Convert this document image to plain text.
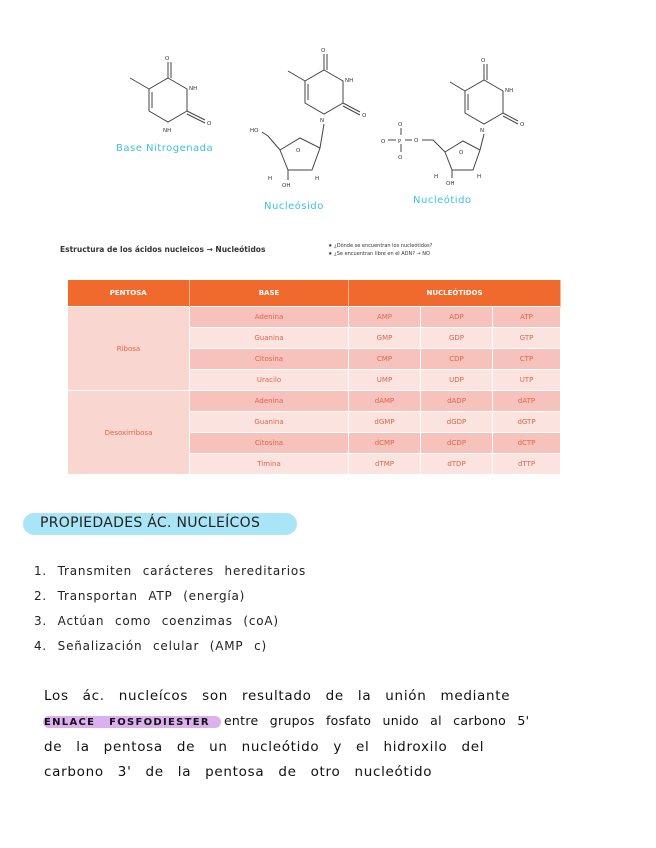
O
O
NH
NH
O
O
NH
N
O
HO
OH
H	H
O
O
NH
N
O
O
P
O
O
O
OH
H	H
Base Nitrogenada
Nucleósido
Nucleótido
Estructura de los ácidos nucleicos → Nucleótidos	★ ¿Dónde se encuentran los nucleótidos?
★ ¿Se encuentran libre en el ADN? → NO
PENTOSA	BASE	NUCLEÓTIDOS		
Ribosa	Adenina	AMP	ADP	ATP
	Guanina	GMP	GDP	GTP
	Citosina	CMP	CDP	CTP
	Uracilo	UMP	UDP	UTP
Desoxirribosa	Adenina	dAMP	dADP	dATP
	Guanina	dGMP	dGDP	dGTP
	Citosina	dCMP	dCDP	dCTP
	Timina	dTMP	dTDP	dTTP
PROPIEDADES ÁC. NUCLEÍCOS
1. Transmiten carácteres hereditarios
2. Transportan ATP (energía)
3. Actúan como coenzimas (coA)
4. Señalización celular (AMP c)
Los ác. nucleícos son resultado de la unión mediante
ENLACE FOSFODIESTER entre grupos fosfato unido al carbono 5'
de la pentosa de un nucleótido y el hidroxilo del
carbono 3' de la pentosa de otro nucleótido
